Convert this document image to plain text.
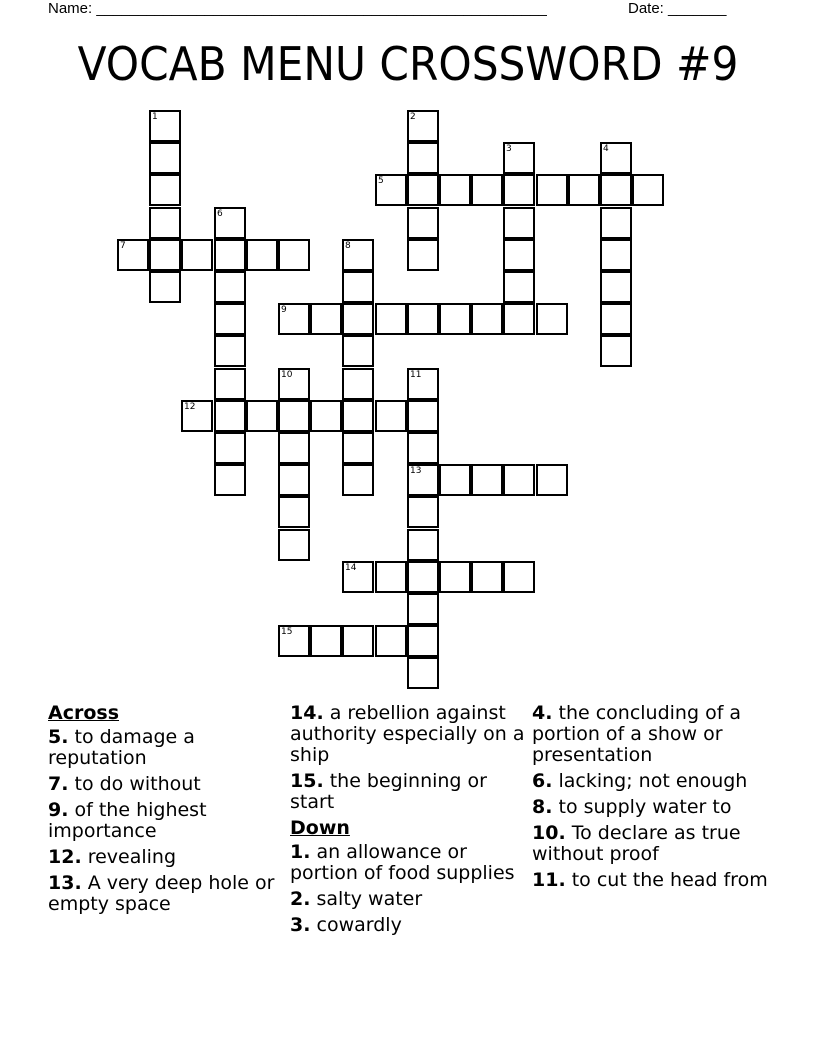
Name: ______________________________________________________	Date: _______
VOCAB MENU CROSSWORD #9
1	2
3	4
5
6
7	8
9
10	11
13
12
14
15
Across
5. to damage a reputation
7. to do without
9. of the highest importance
12. revealing
13. A very deep hole or empty space
14. a rebellion against authority especially on a ship
15. the beginning or start
Down
1. an allowance or portion of food supplies
2. salty water
3. cowardly
4. the concluding of a portion of a show or presentation
6. lacking; not enough
8. to supply water to
10. To declare as true without proof
11. to cut the head from
